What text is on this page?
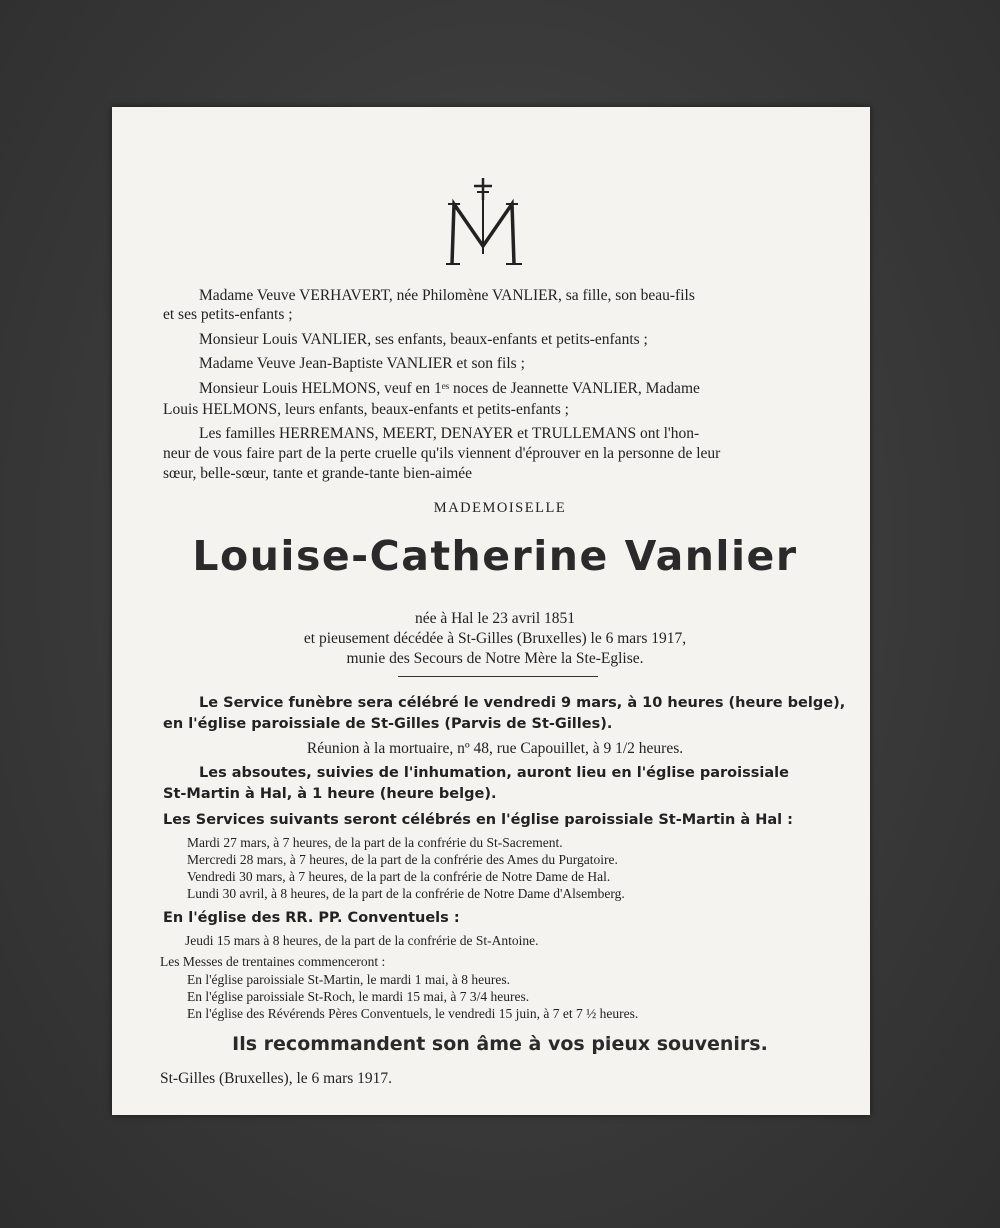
Madame Veuve VERHAVERT, née Philomène VANLIER, sa fille, son beau-fils
et ses petits-enfants ;
Monsieur Louis VANLIER, ses enfants, beaux-enfants et petits-enfants ;
Madame Veuve Jean-Baptiste VANLIER et son fils ;
Monsieur Louis HELMONS, veuf en 1ᵉˢ noces de Jeannette VANLIER, Madame
Louis HELMONS, leurs enfants, beaux-enfants et petits-enfants ;
Les familles HERREMANS, MEERT, DENAYER et TRULLEMANS ont l'hon-
neur de vous faire part de la perte cruelle qu'ils viennent d'éprouver en la personne de leur
sœur, belle-sœur, tante et grande-tante bien-aimée
MADEMOISELLE
Louise-Catherine Vanlier
née à Hal le 23 avril 1851
et pieusement décédée à St-Gilles (Bruxelles) le 6 mars 1917,
munie des Secours de Notre Mère la Ste-Eglise.
Le Service funèbre sera célébré le vendredi 9 mars, à 10 heures (heure belge),
en l'église paroissiale de St-Gilles (Parvis de St-Gilles).
Réunion à la mortuaire, nº 48, rue Capouillet, à 9 1/2 heures.
Les absoutes, suivies de l'inhumation, auront lieu en l'église paroissiale
St-Martin à Hal, à 1 heure (heure belge).
Les Services suivants seront célébrés en l'église paroissiale St-Martin à Hal :
Mardi 27 mars, à 7 heures, de la part de la confrérie du St-Sacrement.
Mercredi 28 mars, à 7 heures, de la part de la confrérie des Ames du Purgatoire.
Vendredi 30 mars, à 7 heures, de la part de la confrérie de Notre Dame de Hal.
Lundi 30 avril, à 8 heures, de la part de la confrérie de Notre Dame d'Alsemberg.
En l'église des RR. PP. Conventuels :
Jeudi 15 mars à 8 heures, de la part de la confrérie de St-Antoine.
Les Messes de trentaines commenceront :
En l'église paroissiale St-Martin, le mardi 1 mai, à 8 heures.
En l'église paroissiale St-Roch, le mardi 15 mai, à 7 3/4 heures.
En l'église des Révérends Pères Conventuels, le vendredi 15 juin, à 7 et 7 ½ heures.
Ils recommandent son âme à vos pieux souvenirs.
St-Gilles (Bruxelles), le 6 mars 1917.
